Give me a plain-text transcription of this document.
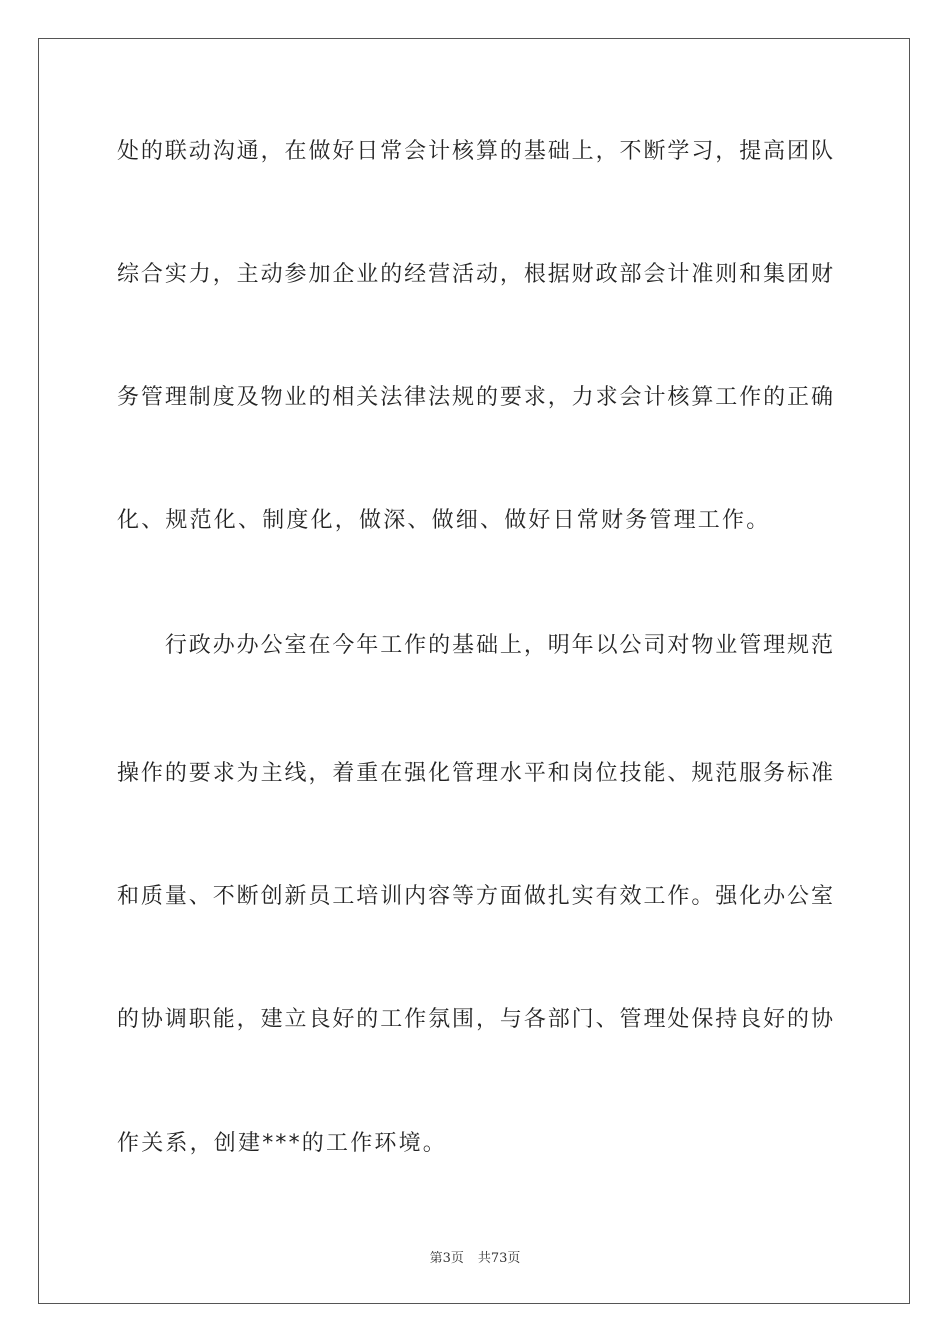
处的联动沟通，在做好日常会计核算的基础上，不断学习，提高团队
综合实力，主动参加企业的经营活动，根据财政部会计准则和集团财
务管理制度及物业的相关法律法规的要求，力求会计核算工作的正确
化、规范化、制度化，做深、做细、做好日常财务管理工作。
　　行政办办公室在今年工作的基础上，明年以公司对物业管理规范
操作的要求为主线，着重在强化管理水平和岗位技能、规范服务标准
和质量、不断创新员工培训内容等方面做扎实有效工作。强化办公室
的协调职能，建立良好的工作氛围，与各部门、管理处保持良好的协
作关系，创建***的工作环境。
第3页 共73页
